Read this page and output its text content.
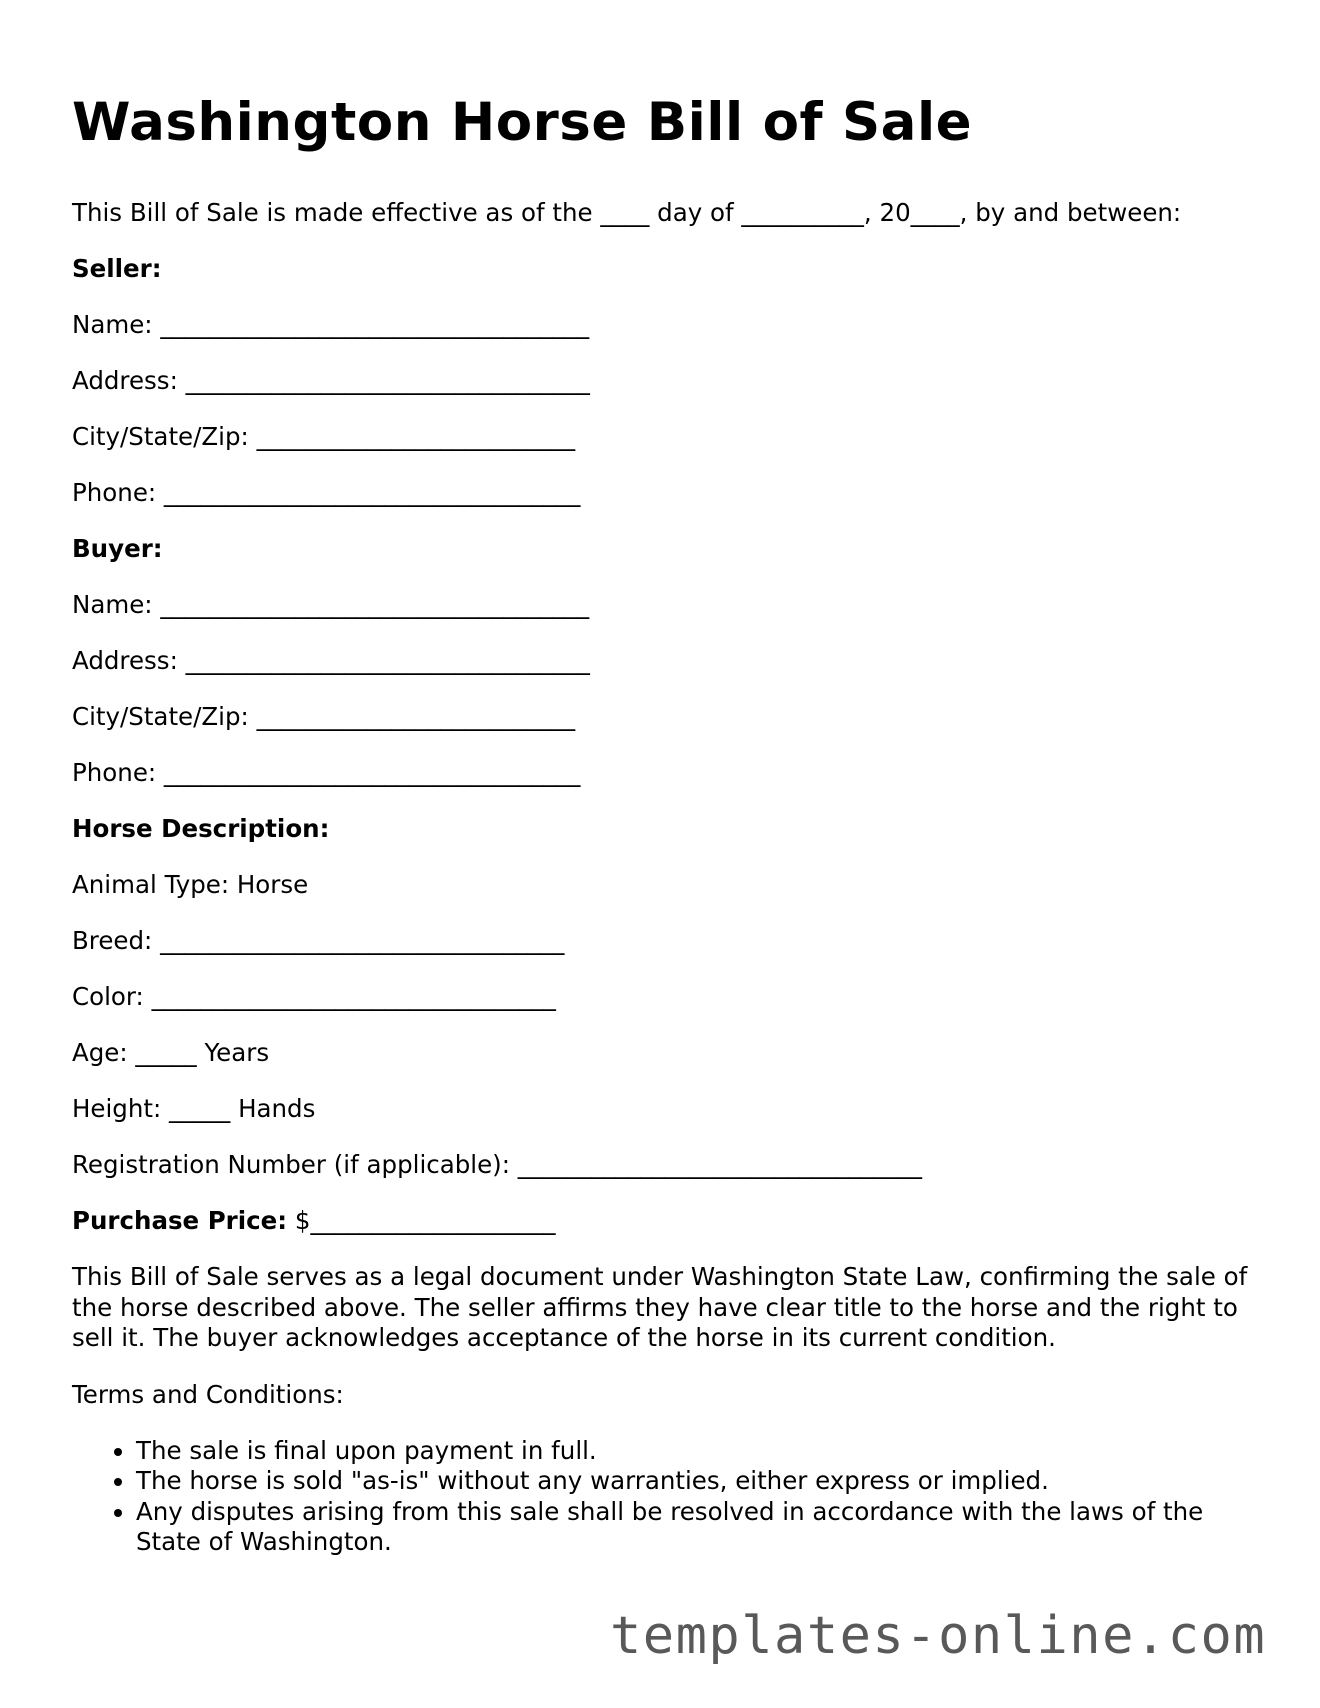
Washington Horse Bill of Sale

This Bill of Sale is made effective as of the ____ day of __________, 20____, by and between:

Seller:

Name: ___________________________________

Address: _________________________________

City/State/Zip: __________________________

Phone: __________________________________

Buyer:

Name: ___________________________________

Address: _________________________________

City/State/Zip: __________________________

Phone: __________________________________

Horse Description:

Animal Type: Horse

Breed: _________________________________

Color: _________________________________

Age: _____ Years

Height: _____ Hands

Registration Number (if applicable): _________________________________

Purchase Price: $____________________

This Bill of Sale serves as a legal document under Washington State Law, confirming the sale of the horse described above. The seller affirms they have clear title to the horse and the right to sell it. The buyer acknowledges acceptance of the horse in its current condition.

Terms and Conditions:

• The sale is final upon payment in full.
• The horse is sold "as-is" without any warranties, either express or implied.
• Any disputes arising from this sale shall be resolved in accordance with the laws of the State of Washington.
templates-online.com
